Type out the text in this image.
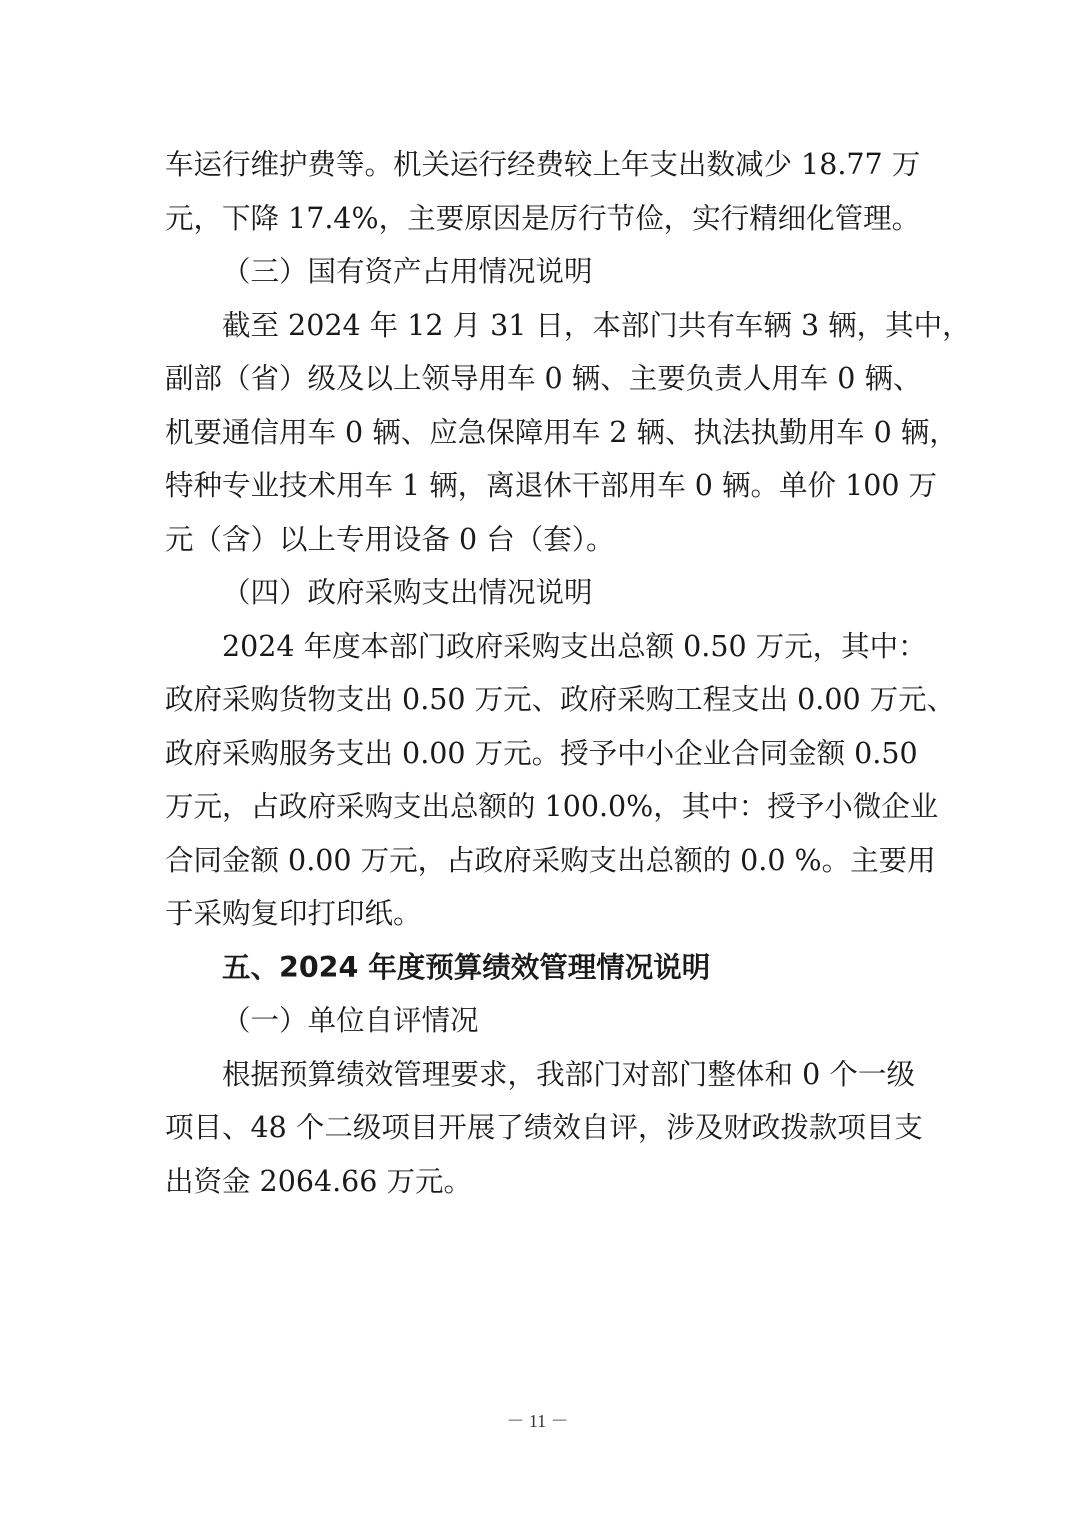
车运行维护费等。机关运行经费较上年支出数减少 18.77 万
元，下降 17.4%，主要原因是厉行节俭，实行精细化管理。
（三）国有资产占用情况说明
截至 2024 年 12 月 31 日，本部门共有车辆 3 辆，其中，
副部（省）级及以上领导用车 0 辆、主要负责人用车 0 辆、
机要通信用车 0 辆、应急保障用车 2 辆、执法执勤用车 0 辆，
特种专业技术用车 1 辆，离退休干部用车 0 辆。单价 100 万
元（含）以上专用设备 0 台（套）。
（四）政府采购支出情况说明
2024 年度本部门政府采购支出总额 0.50 万元，其中：
政府采购货物支出 0.50 万元、政府采购工程支出 0.00 万元、
政府采购服务支出 0.00 万元。授予中小企业合同金额 0.50
万元，占政府采购支出总额的 100.0%，其中：授予小微企业
合同金额 0.00 万元，占政府采购支出总额的 0.0 %。主要用
于采购复印打印纸。
五、2024 年度预算绩效管理情况说明
（一）单位自评情况
根据预算绩效管理要求，我部门对部门整体和 0 个一级
项目、48 个二级项目开展了绩效自评，涉及财政拨款项目支
出资金 2064.66 万元。
－ 11 －
